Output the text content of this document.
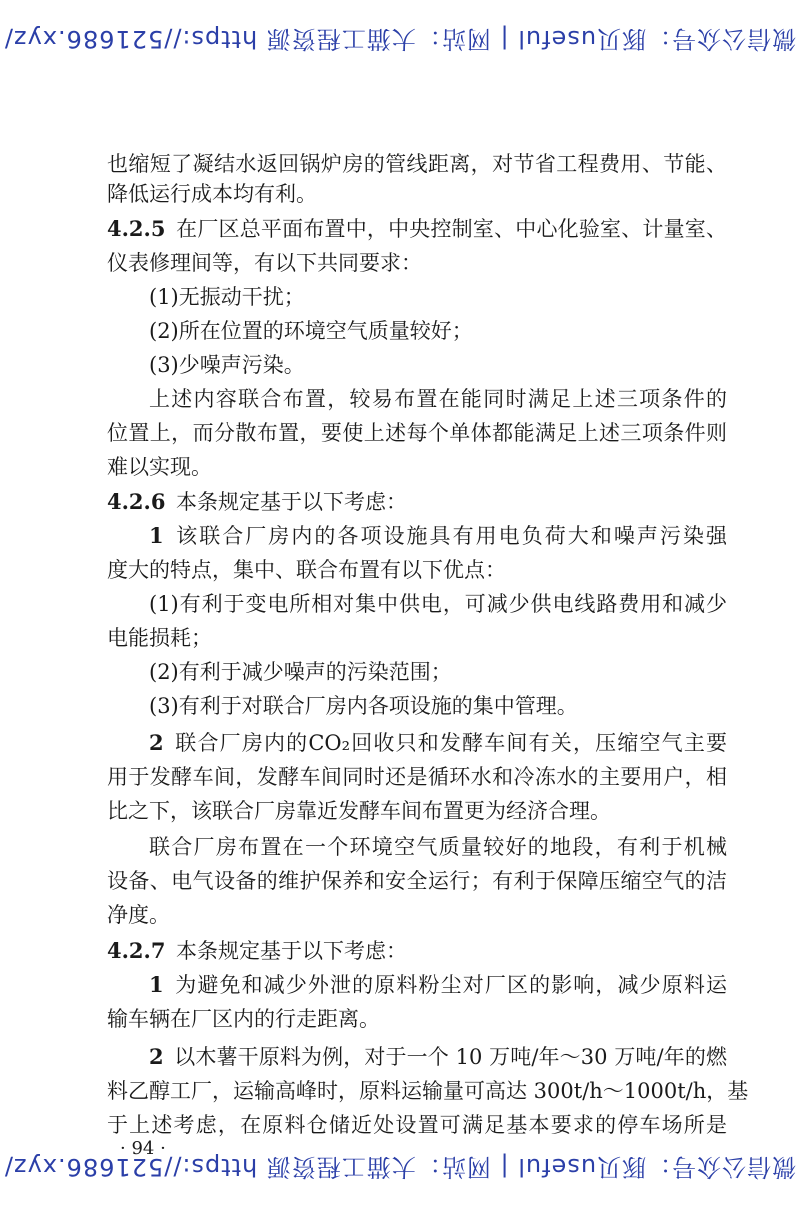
微信公众号：豚贝useful | 网站：大猫工程资源 https://521686.xyz/
也缩短了凝结水返回锅炉房的管线距离，对节省工程费用、节能、
降低运行成本均有利。
4.2.5  在厂区总平面布置中，中央控制室、中心化验室、计量室、
仪表修理间等，有以下共同要求：
(1)无振动干扰；
(2)所在位置的环境空气质量较好；
(3)少噪声污染。
上述内容联合布置，较易布置在能同时满足上述三项条件的
位置上，而分散布置，要使上述每个单体都能满足上述三项条件则
难以实现。
4.2.6  本条规定基于以下考虑：
1  该联合厂房内的各项设施具有用电负荷大和噪声污染强
度大的特点，集中、联合布置有以下优点：
(1)有利于变电所相对集中供电，可减少供电线路费用和减少
电能损耗；
(2)有利于减少噪声的污染范围；
(3)有利于对联合厂房内各项设施的集中管理。
2  联合厂房内的CO₂回收只和发酵车间有关，压缩空气主要
用于发酵车间，发酵车间同时还是循环水和冷冻水的主要用户，相
比之下，该联合厂房靠近发酵车间布置更为经济合理。
联合厂房布置在一个环境空气质量较好的地段，有利于机械
设备、电气设备的维护保养和安全运行；有利于保障压缩空气的洁
净度。
4.2.7  本条规定基于以下考虑：
1  为避免和减少外泄的原料粉尘对厂区的影响，减少原料运
输车辆在厂区内的行走距离。
2  以木薯干原料为例，对于一个 10 万吨/年～30 万吨/年的燃
料乙醇工厂，运输高峰时，原料运输量可高达 300t/h～1000t/h，基
于上述考虑，在原料仓储近处设置可满足基本要求的停车场所是
· 94 ·
微信公众号：豚贝useful | 网站：大猫工程资源 https://521686.xyz/
